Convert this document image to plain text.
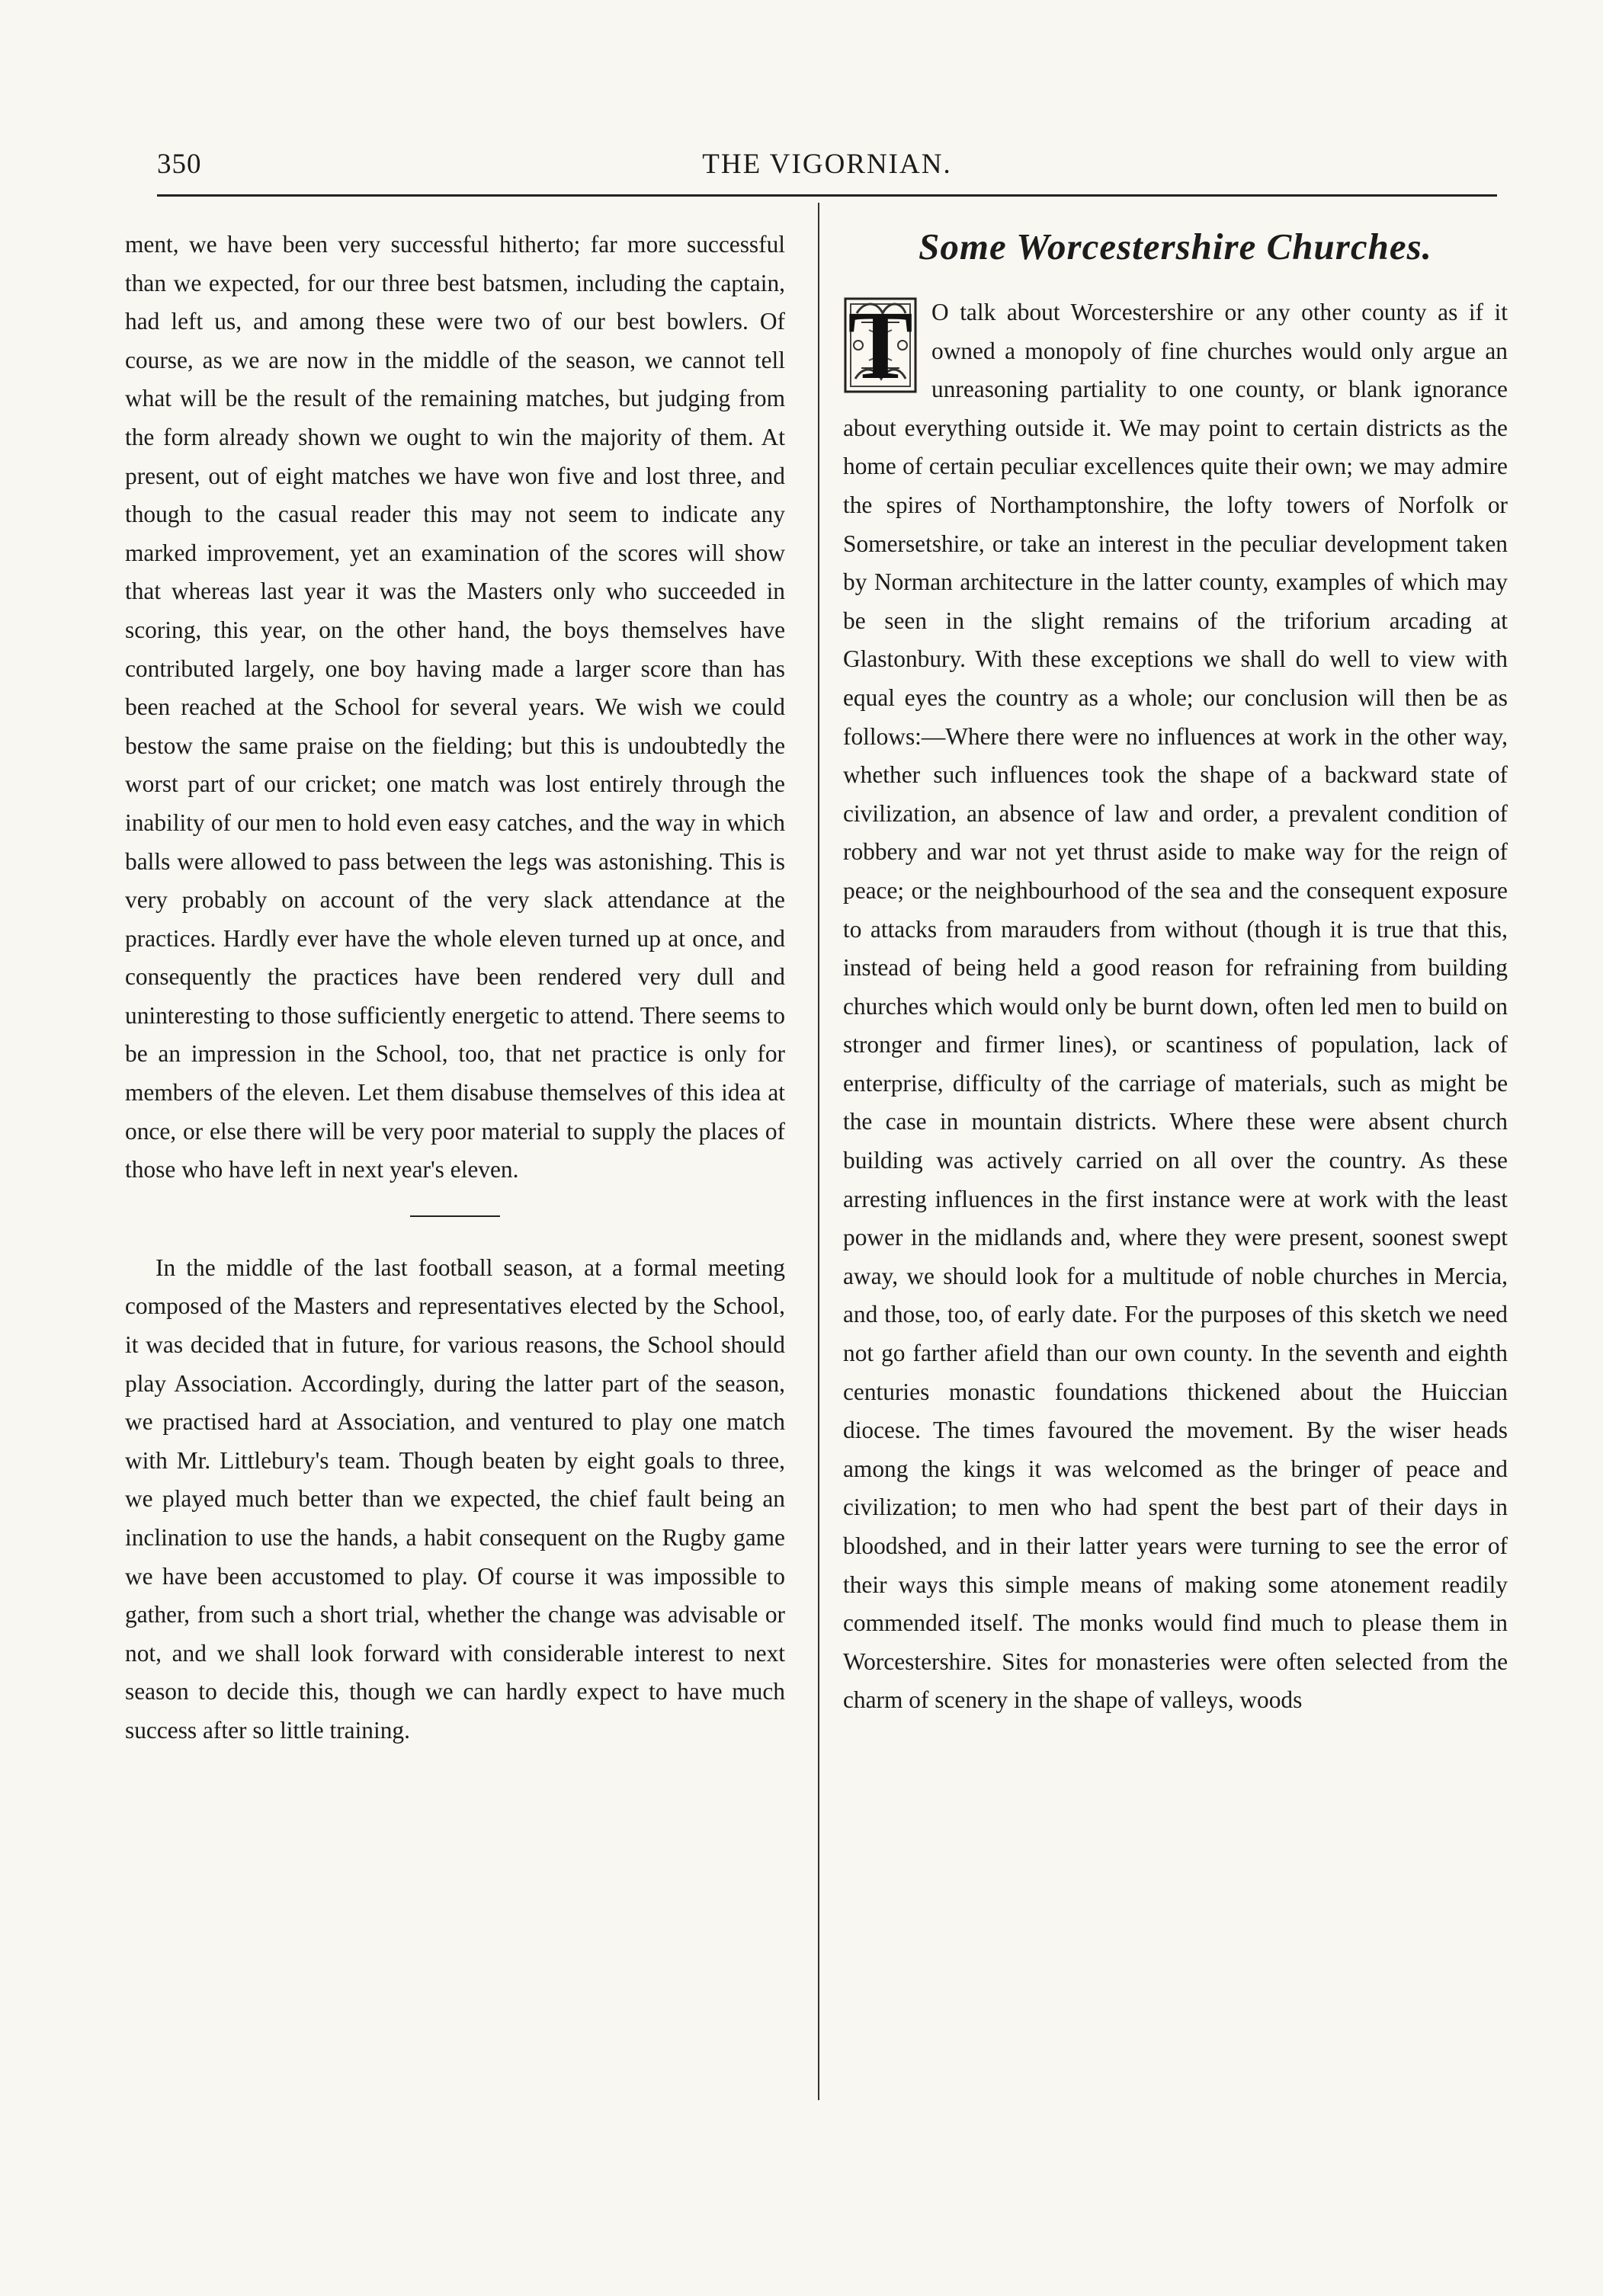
350	THE VIGORNIAN.

ment, we have been very successful hitherto; far more successful than we expected, for our three best batsmen, including the captain, had left us, and among these were two of our best bowlers. Of course, as we are now in the middle of the season, we cannot tell what will be the result of the remaining matches, but judging from the form already shown we ought to win the majority of them. At present, out of eight matches we have won five and lost three, and though to the casual reader this may not seem to indicate any marked improvement, yet an examination of the scores will show that whereas last year it was the Masters only who succeeded in scoring, this year, on the other hand, the boys themselves have contributed largely, one boy having made a larger score than has been reached at the School for several years. We wish we could bestow the same praise on the fielding; but this is undoubtedly the worst part of our cricket; one match was lost entirely through the inability of our men to hold even easy catches, and the way in which balls were allowed to pass between the legs was astonishing. This is very probably on account of the very slack attendance at the practices. Hardly ever have the whole eleven turned up at once, and consequently the practices have been rendered very dull and uninteresting to those sufficiently energetic to attend. There seems to be an impression in the School, too, that net practice is only for members of the eleven. Let them disabuse themselves of this idea at once, or else there will be very poor material to supply the places of those who have left in next year's eleven.

In the middle of the last football season, at a formal meeting composed of the Masters and representatives elected by the School, it was decided that in future, for various reasons, the School should play Association. Accordingly, during the latter part of the season, we practised hard at Association, and ventured to play one match with Mr. Littlebury's team. Though beaten by eight goals to three, we played much better than we expected, the chief fault being an inclination to use the hands, a habit consequent on the Rugby game we have been accustomed to play. Of course it was impossible to gather, from such a short trial, whether the change was advisable or not, and we shall look forward with considerable interest to next season to decide this, though we can hardly expect to have much success after so little training.

Some Worcestershire Churches.

T O talk about Worcestershire or any other county as if it owned a monopoly of fine churches would only argue an unreasoning partiality to one county, or blank ignorance about everything outside it. We may point to certain districts as the home of certain peculiar excellences quite their own; we may admire the spires of Northamptonshire, the lofty towers of Norfolk or Somersetshire, or take an interest in the peculiar development taken by Norman architecture in the latter county, examples of which may be seen in the slight remains of the triforium arcading at Glastonbury. With these exceptions we shall do well to view with equal eyes the country as a whole; our conclusion will then be as follows:—Where there were no influences at work in the other way, whether such influences took the shape of a backward state of civilization, an absence of law and order, a prevalent condition of robbery and war not yet thrust aside to make way for the reign of peace; or the neighbourhood of the sea and the consequent exposure to attacks from marauders from without (though it is true that this, instead of being held a good reason for refraining from building churches which would only be burnt down, often led men to build on stronger and firmer lines), or scantiness of population, lack of enterprise, difficulty of the carriage of materials, such as might be the case in mountain districts. Where these were absent church building was actively carried on all over the country. As these arresting influences in the first instance were at work with the least power in the midlands and, where they were present, soonest swept away, we should look for a multitude of noble churches in Mercia, and those, too, of early date. For the purposes of this sketch we need not go farther afield than our own county. In the seventh and eighth centuries monastic foundations thickened about the Huiccian diocese. The times favoured the movement. By the wiser heads among the kings it was welcomed as the bringer of peace and civilization; to men who had spent the best part of their days in bloodshed, and in their latter years were turning to see the error of their ways this simple means of making some atonement readily commended itself. The monks would find much to please them in Worcestershire. Sites for monasteries were often selected from the charm of scenery in the shape of valleys, woods
